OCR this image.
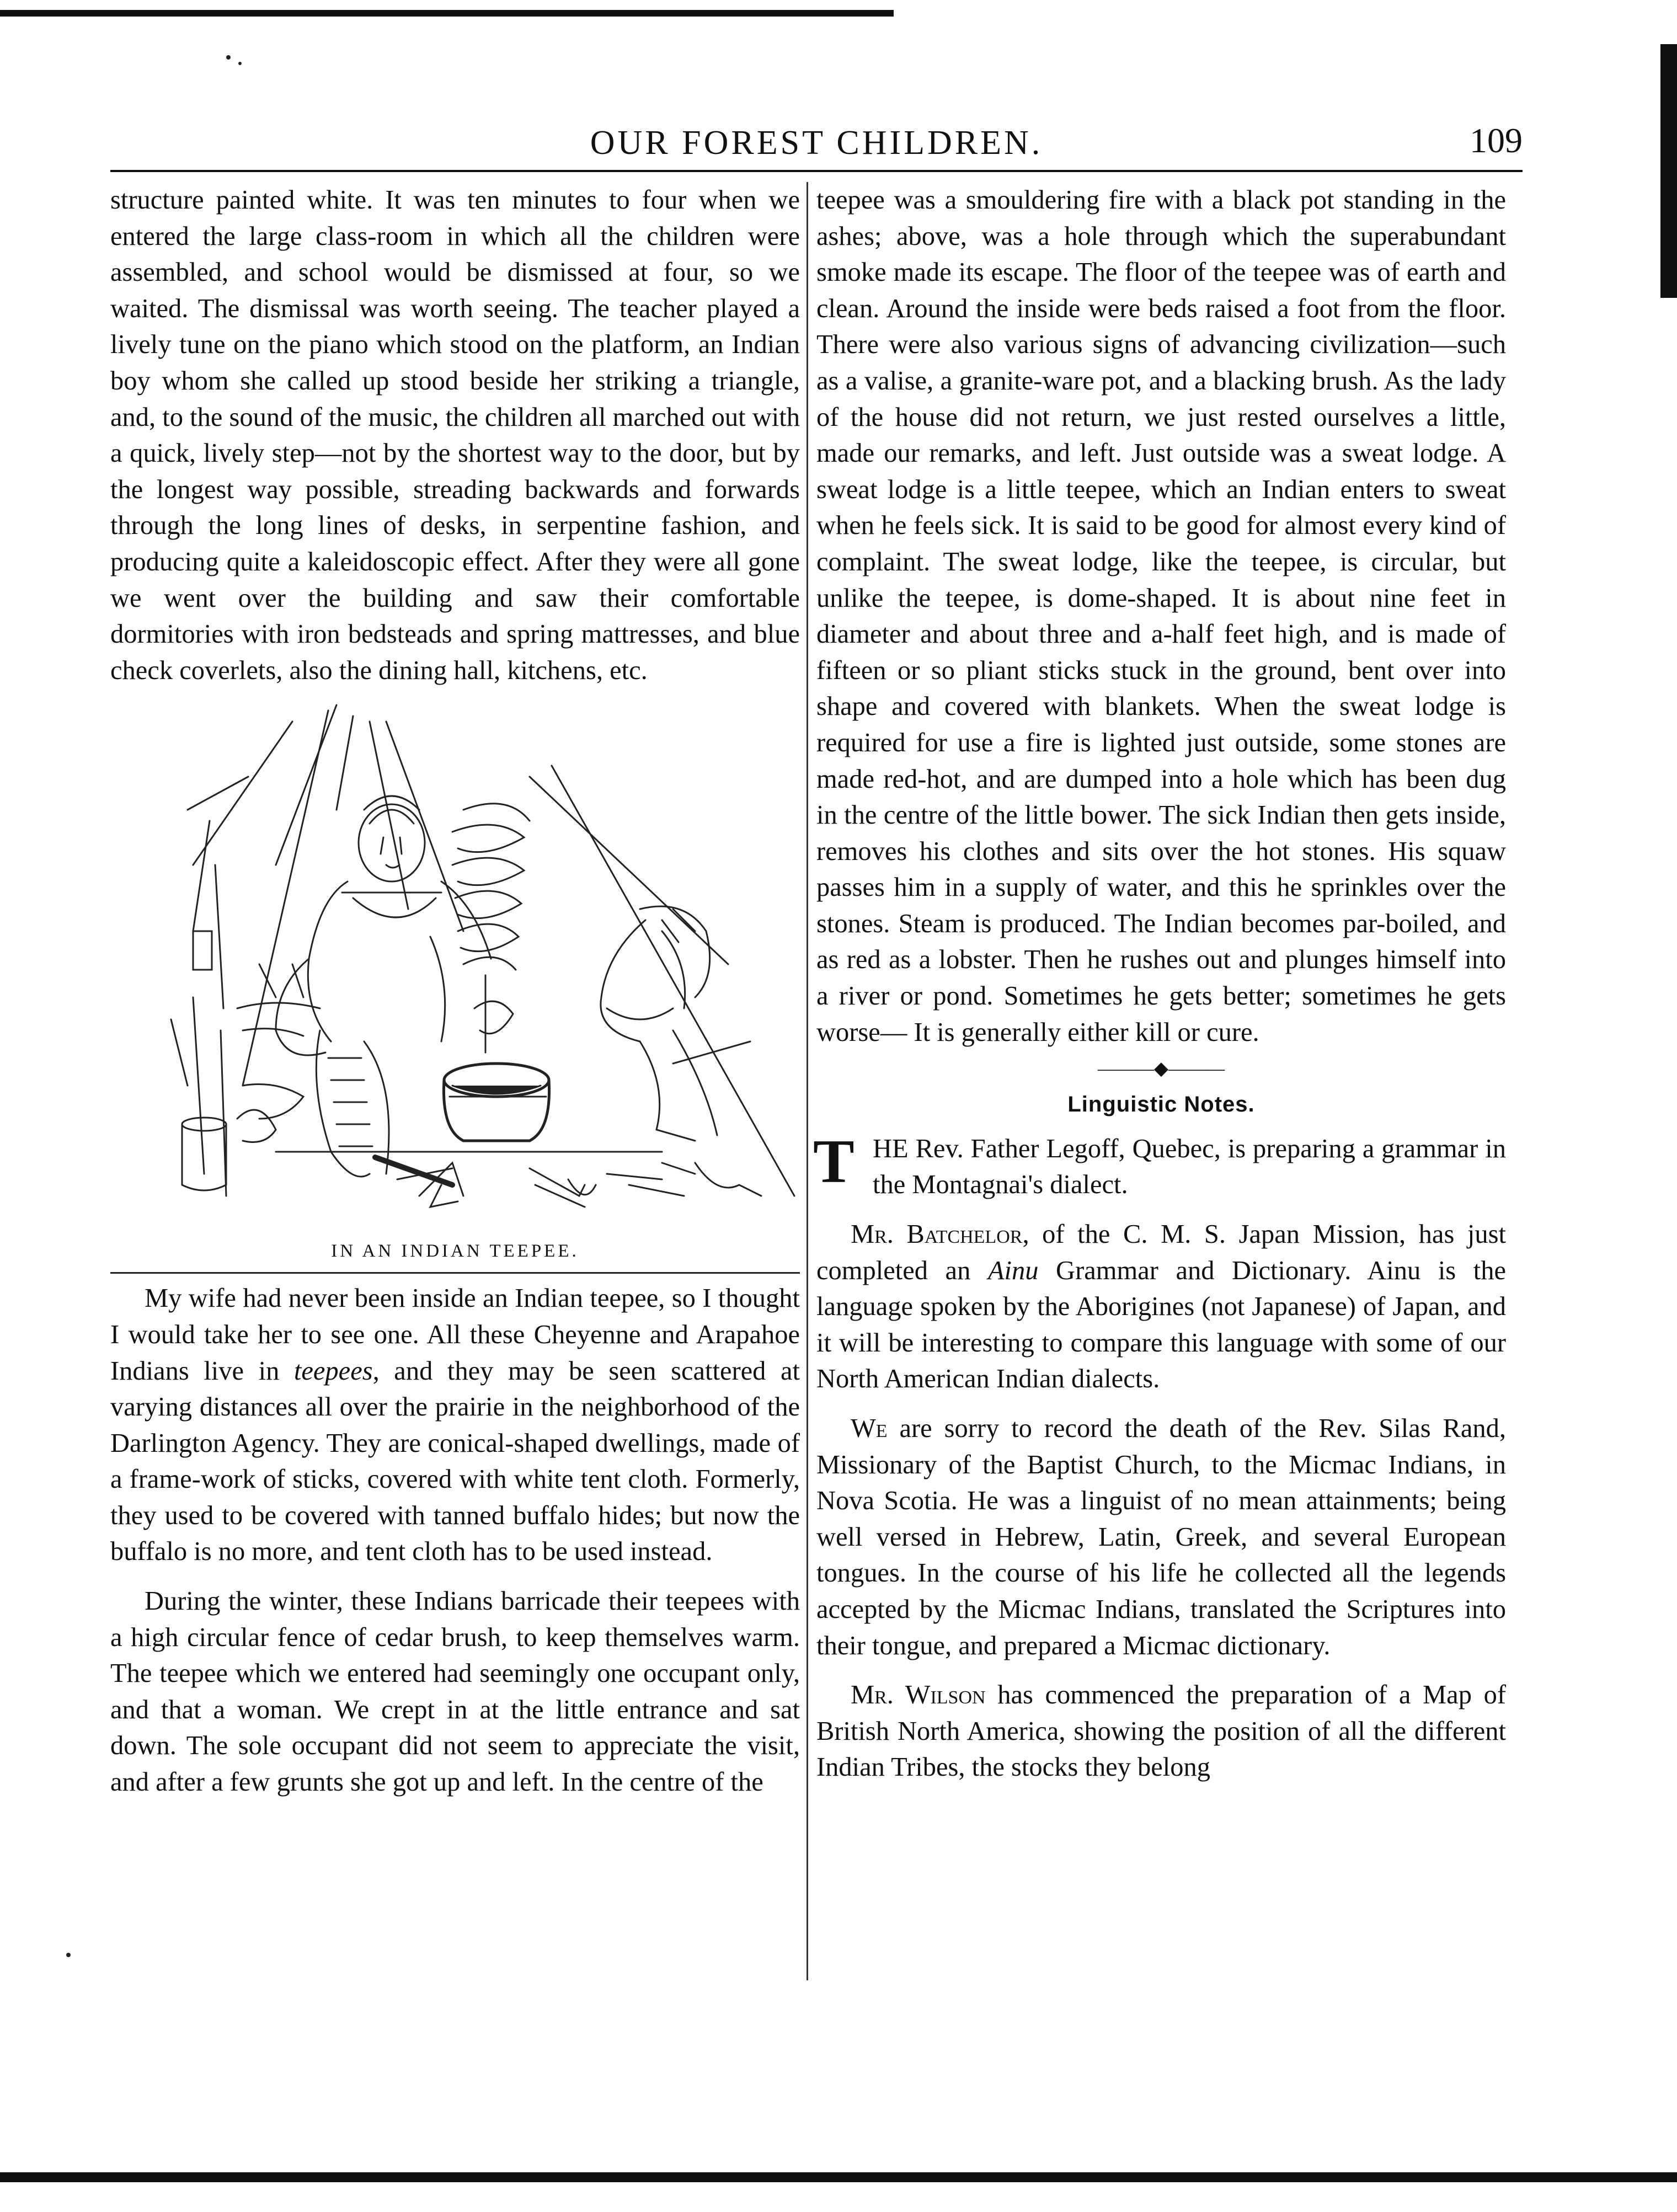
OUR FOREST CHILDREN.	109

structure painted white. It was ten minutes to four when we entered the large class-room in which all the children were assembled, and school would be dismissed at four, so we waited. The dismissal was worth seeing. The teacher played a lively tune on the piano which stood on the platform, an Indian boy whom she called up stood beside her striking a triangle, and, to the sound of the music, the children all marched out with a quick, lively step—not by the shortest way to the door, but by the longest way possible, streading backwards and forwards through the long lines of desks, in serpentine fashion, and producing quite a kaleidoscopic effect. After they were all gone we went over the building and saw their comfortable dormitories with iron bedsteads and spring mattresses, and blue check coverlets, also the dining hall, kitchens, etc.

IN AN INDIAN TEEPEE.

My wife had never been inside an Indian teepee, so I thought I would take her to see one. All these Cheyenne and Arapahoe Indians live in teepees, and they may be seen scattered at varying distances all over the prairie in the neighborhood of the Darlington Agency. They are conical-shaped dwellings, made of a frame-work of sticks, covered with white tent cloth. Formerly, they used to be covered with tanned buffalo hides; but now the buffalo is no more, and tent cloth has to be used instead.

During the winter, these Indians barricade their teepees with a high circular fence of cedar brush, to keep themselves warm. The teepee which we entered had seemingly one occupant only, and that a woman. We crept in at the little entrance and sat down. The sole occupant did not seem to appreciate the visit, and after a few grunts she got up and left. In the centre of the

teepee was a smouldering fire with a black pot standing in the ashes; above, was a hole through which the superabundant smoke made its escape. The floor of the teepee was of earth and clean. Around the inside were beds raised a foot from the floor. There were also various signs of advancing civilization—such as a valise, a granite-ware pot, and a blacking brush. As the lady of the house did not return, we just rested ourselves a little, made our remarks, and left. Just outside was a sweat lodge. A sweat lodge is a little teepee, which an Indian enters to sweat when he feels sick. It is said to be good for almost every kind of complaint. The sweat lodge, like the teepee, is circular, but unlike the teepee, is dome-shaped. It is about nine feet in diameter and about three and a-half feet high, and is made of fifteen or so pliant sticks stuck in the ground, bent over into shape and covered with blankets. When the sweat lodge is required for use a fire is lighted just outside, some stones are made red-hot, and are dumped into a hole which has been dug in the centre of the little bower. The sick Indian then gets inside, removes his clothes and sits over the hot stones. His squaw passes him in a supply of water, and this he sprinkles over the stones. Steam is produced. The Indian becomes par-boiled, and as red as a lobster. Then he rushes out and plunges himself into a river or pond. Sometimes he gets better; sometimes he gets worse— It is generally either kill or cure.

———◆———
Linguistic Notes.

THE Rev. Father Legoff, Quebec, is preparing a grammar in the Montagnai's dialect.

Mr. Batchelor, of the C. M. S. Japan Mission, has just completed an Ainu Grammar and Dictionary. Ainu is the language spoken by the Aborigines (not Japanese) of Japan, and it will be interesting to compare this language with some of our North American Indian dialects.

We are sorry to record the death of the Rev. Silas Rand, Missionary of the Baptist Church, to the Micmac Indians, in Nova Scotia. He was a linguist of no mean attainments; being well versed in Hebrew, Latin, Greek, and several European tongues. In the course of his life he collected all the legends accepted by the Micmac Indians, translated the Scriptures into their tongue, and prepared a Micmac dictionary.

Mr. Wilson has commenced the preparation of a Map of British North America, showing the position of all the different Indian Tribes, the stocks they belong
